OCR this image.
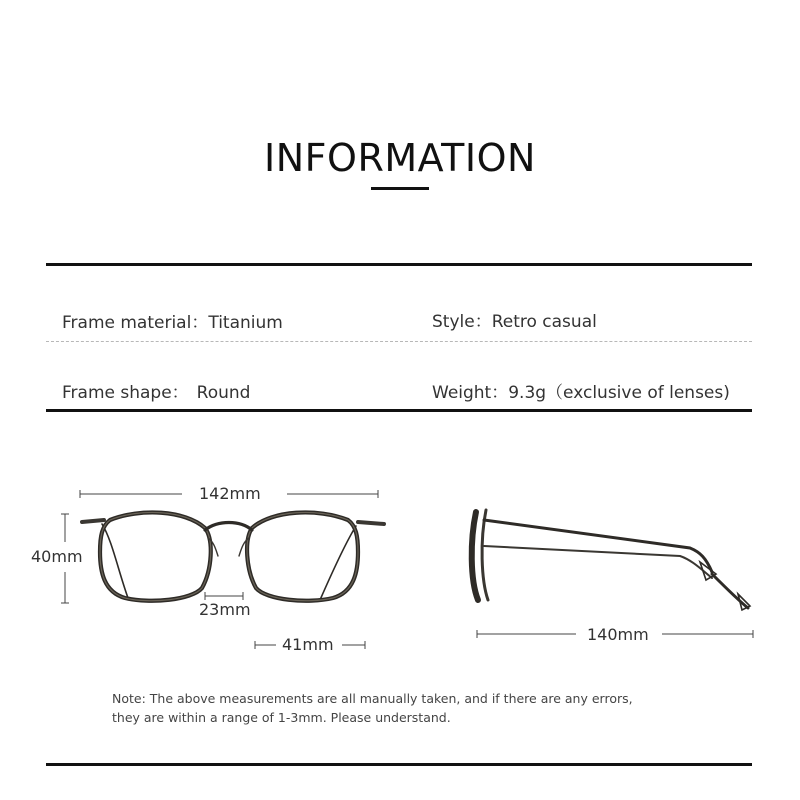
INFORMATION
Frame material：Titanium	Style：Retro casual
Frame shape： Round	Weight：9.3g（exclusive of lenses)
142mm
40mm
23mm
41mm
140mm
Note: The above measurements are all manually taken, and if there are any errors,
they are within a range of 1-3mm. Please understand.
